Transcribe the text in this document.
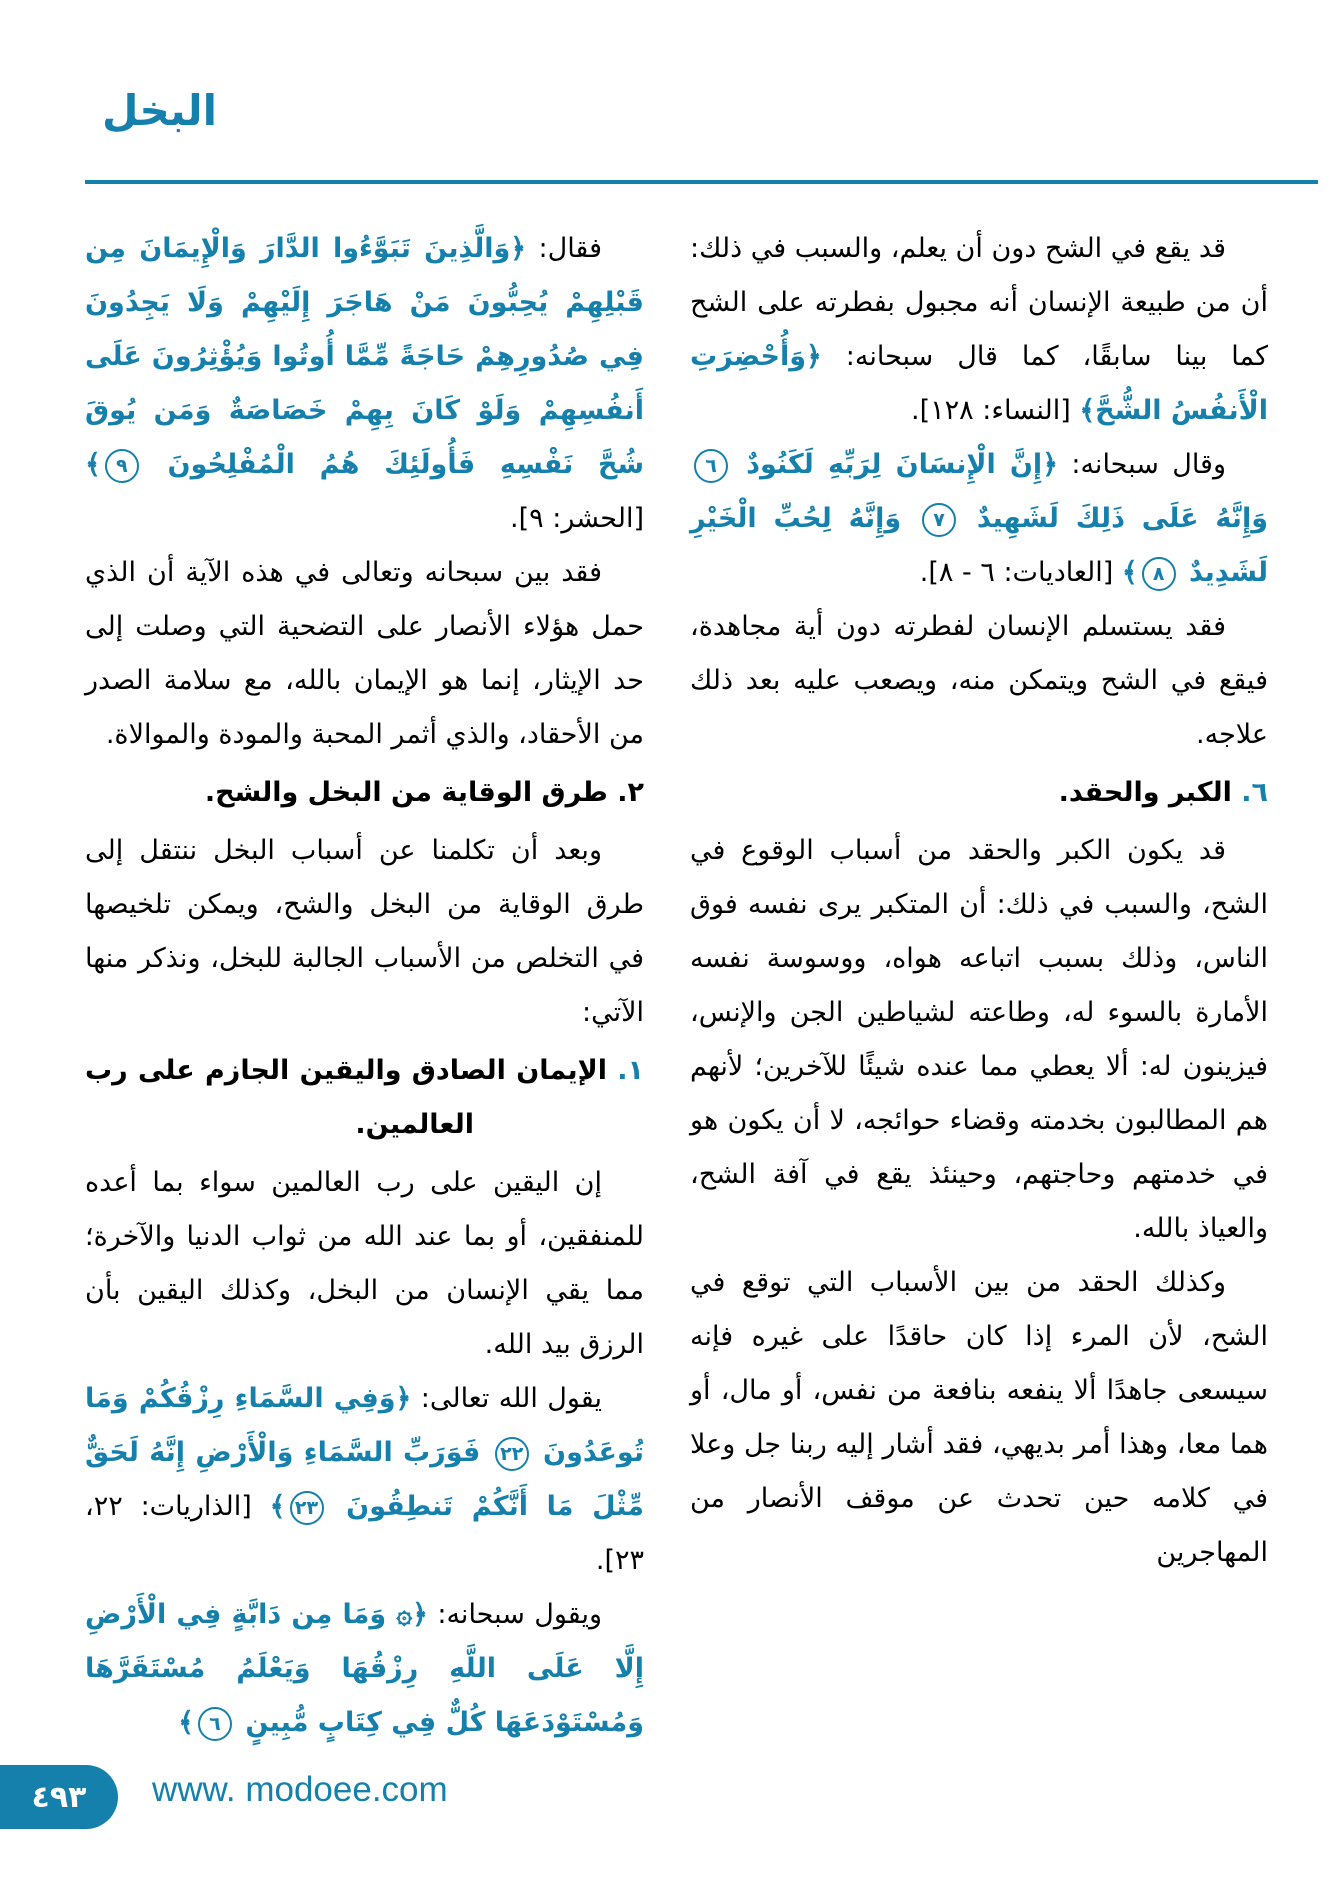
البخل
قد يقع في الشح دون أن يعلم، والسبب في ذلك: أن من طبيعة الإنسان أنه مجبول بفطرته على الشح كما بينا سابقًا، كما قال سبحانه: ﴿وَأُحْضِرَتِ الْأَنفُسُ الشُّحَّ﴾ [النساء: ١٢٨].
وقال سبحانه: ﴿إِنَّ الْإِنسَانَ لِرَبِّهِ لَكَنُودٌ ٦ وَإِنَّهُ عَلَى ذَلِكَ لَشَهِيدٌ ٧ وَإِنَّهُ لِحُبِّ الْخَيْرِ لَشَدِيدٌ ٨﴾ [العاديات: ٦ - ٨].
فقد يستسلم الإنسان لفطرته دون أية مجاهدة، فيقع في الشح ويتمكن منه، ويصعب عليه بعد ذلك علاجه.
٦. الكبر والحقد.
قد يكون الكبر والحقد من أسباب الوقوع في الشح، والسبب في ذلك: أن المتكبر يرى نفسه فوق الناس، وذلك بسبب اتباعه هواه، ووسوسة نفسه الأمارة بالسوء له، وطاعته لشياطين الجن والإنس، فيزينون له: ألا يعطي مما عنده شيئًا للآخرين؛ لأنهم هم المطالبون بخدمته وقضاء حوائجه، لا أن يكون هو في خدمتهم وحاجتهم، وحينئذ يقع في آفة الشح، والعياذ بالله.
وكذلك الحقد من بين الأسباب التي توقع في الشح، لأن المرء إذا كان حاقدًا على غيره فإنه سيسعى جاهدًا ألا ينفعه بنافعة من نفس، أو مال، أو هما معا، وهذا أمر بديهي، فقد أشار إليه ربنا جل وعلا في كلامه حين تحدث عن موقف الأنصار من المهاجرين
فقال: ﴿وَالَّذِينَ تَبَوَّءُوا الدَّارَ وَالْإِيمَانَ مِن قَبْلِهِمْ يُحِبُّونَ مَنْ هَاجَرَ إِلَيْهِمْ وَلَا يَجِدُونَ فِي صُدُورِهِمْ حَاجَةً مِّمَّا أُوتُوا وَيُؤْثِرُونَ عَلَى أَنفُسِهِمْ وَلَوْ كَانَ بِهِمْ خَصَاصَةٌ وَمَن يُوقَ شُحَّ نَفْسِهِ فَأُولَئِكَ هُمُ الْمُفْلِحُونَ ٩﴾ [الحشر: ٩].
فقد بين سبحانه وتعالى في هذه الآية أن الذي حمل هؤلاء الأنصار على التضحية التي وصلت إلى حد الإيثار، إنما هو الإيمان بالله، مع سلامة الصدر من الأحقاد، والذي أثمر المحبة والمودة والموالاة.
٢. طرق الوقاية من البخل والشح.
وبعد أن تكلمنا عن أسباب البخل ننتقل إلى طرق الوقاية من البخل والشح، ويمكن تلخيصها في التخلص من الأسباب الجالبة للبخل، ونذكر منها الآتي:
١. الإيمان الصادق واليقين الجازم على رب العالمين.
إن اليقين على رب العالمين سواء بما أعده للمنفقين، أو بما عند الله من ثواب الدنيا والآخرة؛ مما يقي الإنسان من البخل، وكذلك اليقين بأن الرزق بيد الله.
يقول الله تعالى: ﴿وَفِي السَّمَاءِ رِزْقُكُمْ وَمَا تُوعَدُونَ ٢٢ فَوَرَبِّ السَّمَاءِ وَالْأَرْضِ إِنَّهُ لَحَقٌّ مِّثْلَ مَا أَنَّكُمْ تَنطِقُونَ ٢٣﴾ [الذاريات: ٢٢، ٢٣].
ويقول سبحانه: ﴿۞ وَمَا مِن دَابَّةٍ فِي الْأَرْضِ إِلَّا عَلَى اللَّهِ رِزْقُهَا وَيَعْلَمُ مُسْتَقَرَّهَا وَمُسْتَوْدَعَهَا كُلٌّ فِي كِتَابٍ مُّبِينٍ ٦﴾
٤٩٣ www. modoee.com
